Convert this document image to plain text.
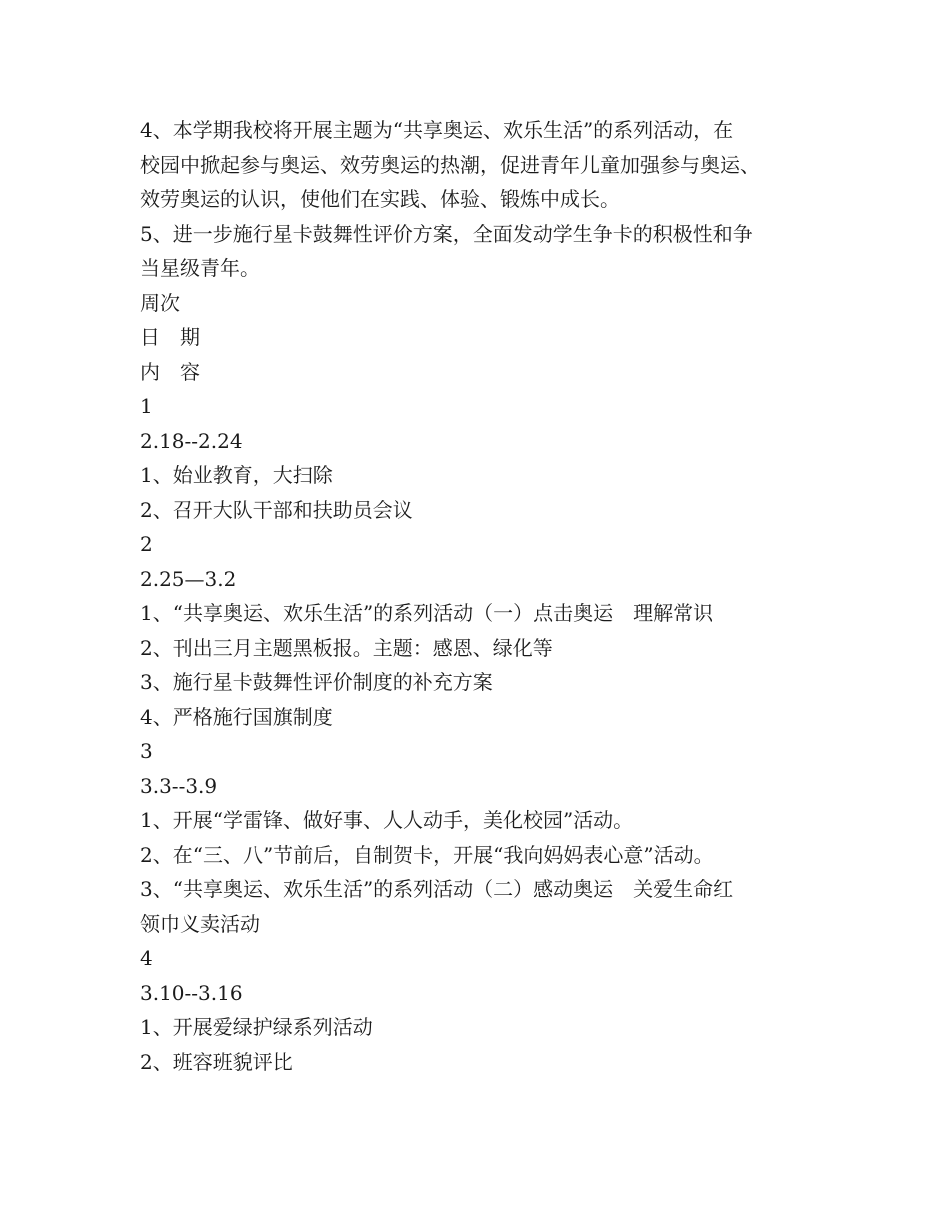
4、本学期我校将开展主题为“共享奥运、欢乐生活”的系列活动，在
校园中掀起参与奥运、效劳奥运的热潮，促进青年儿童加强参与奥运、
效劳奥运的认识，使他们在实践、体验、锻炼中成长。
5、进一步施行星卡鼓舞性评价方案，全面发动学生争卡的积极性和争
当星级青年。
周次
日　期
内　容
1
2.18--2.24
1、始业教育，大扫除
2、召开大队干部和扶助员会议
2
2.25—3.2
1、“共享奥运、欢乐生活”的系列活动（一）点击奥运　理解常识
2、刊出三月主题黑板报。主题：感恩、绿化等
3、施行星卡鼓舞性评价制度的补充方案
4、严格施行国旗制度
3
3.3--3.9
1、开展“学雷锋、做好事、人人动手，美化校园”活动。
2、在“三、八”节前后，自制贺卡，开展“我向妈妈表心意”活动。
3、“共享奥运、欢乐生活”的系列活动（二）感动奥运　关爱生命红
领巾义卖活动
4
3.10--3.16
1、开展爱绿护绿系列活动
2、班容班貌评比
